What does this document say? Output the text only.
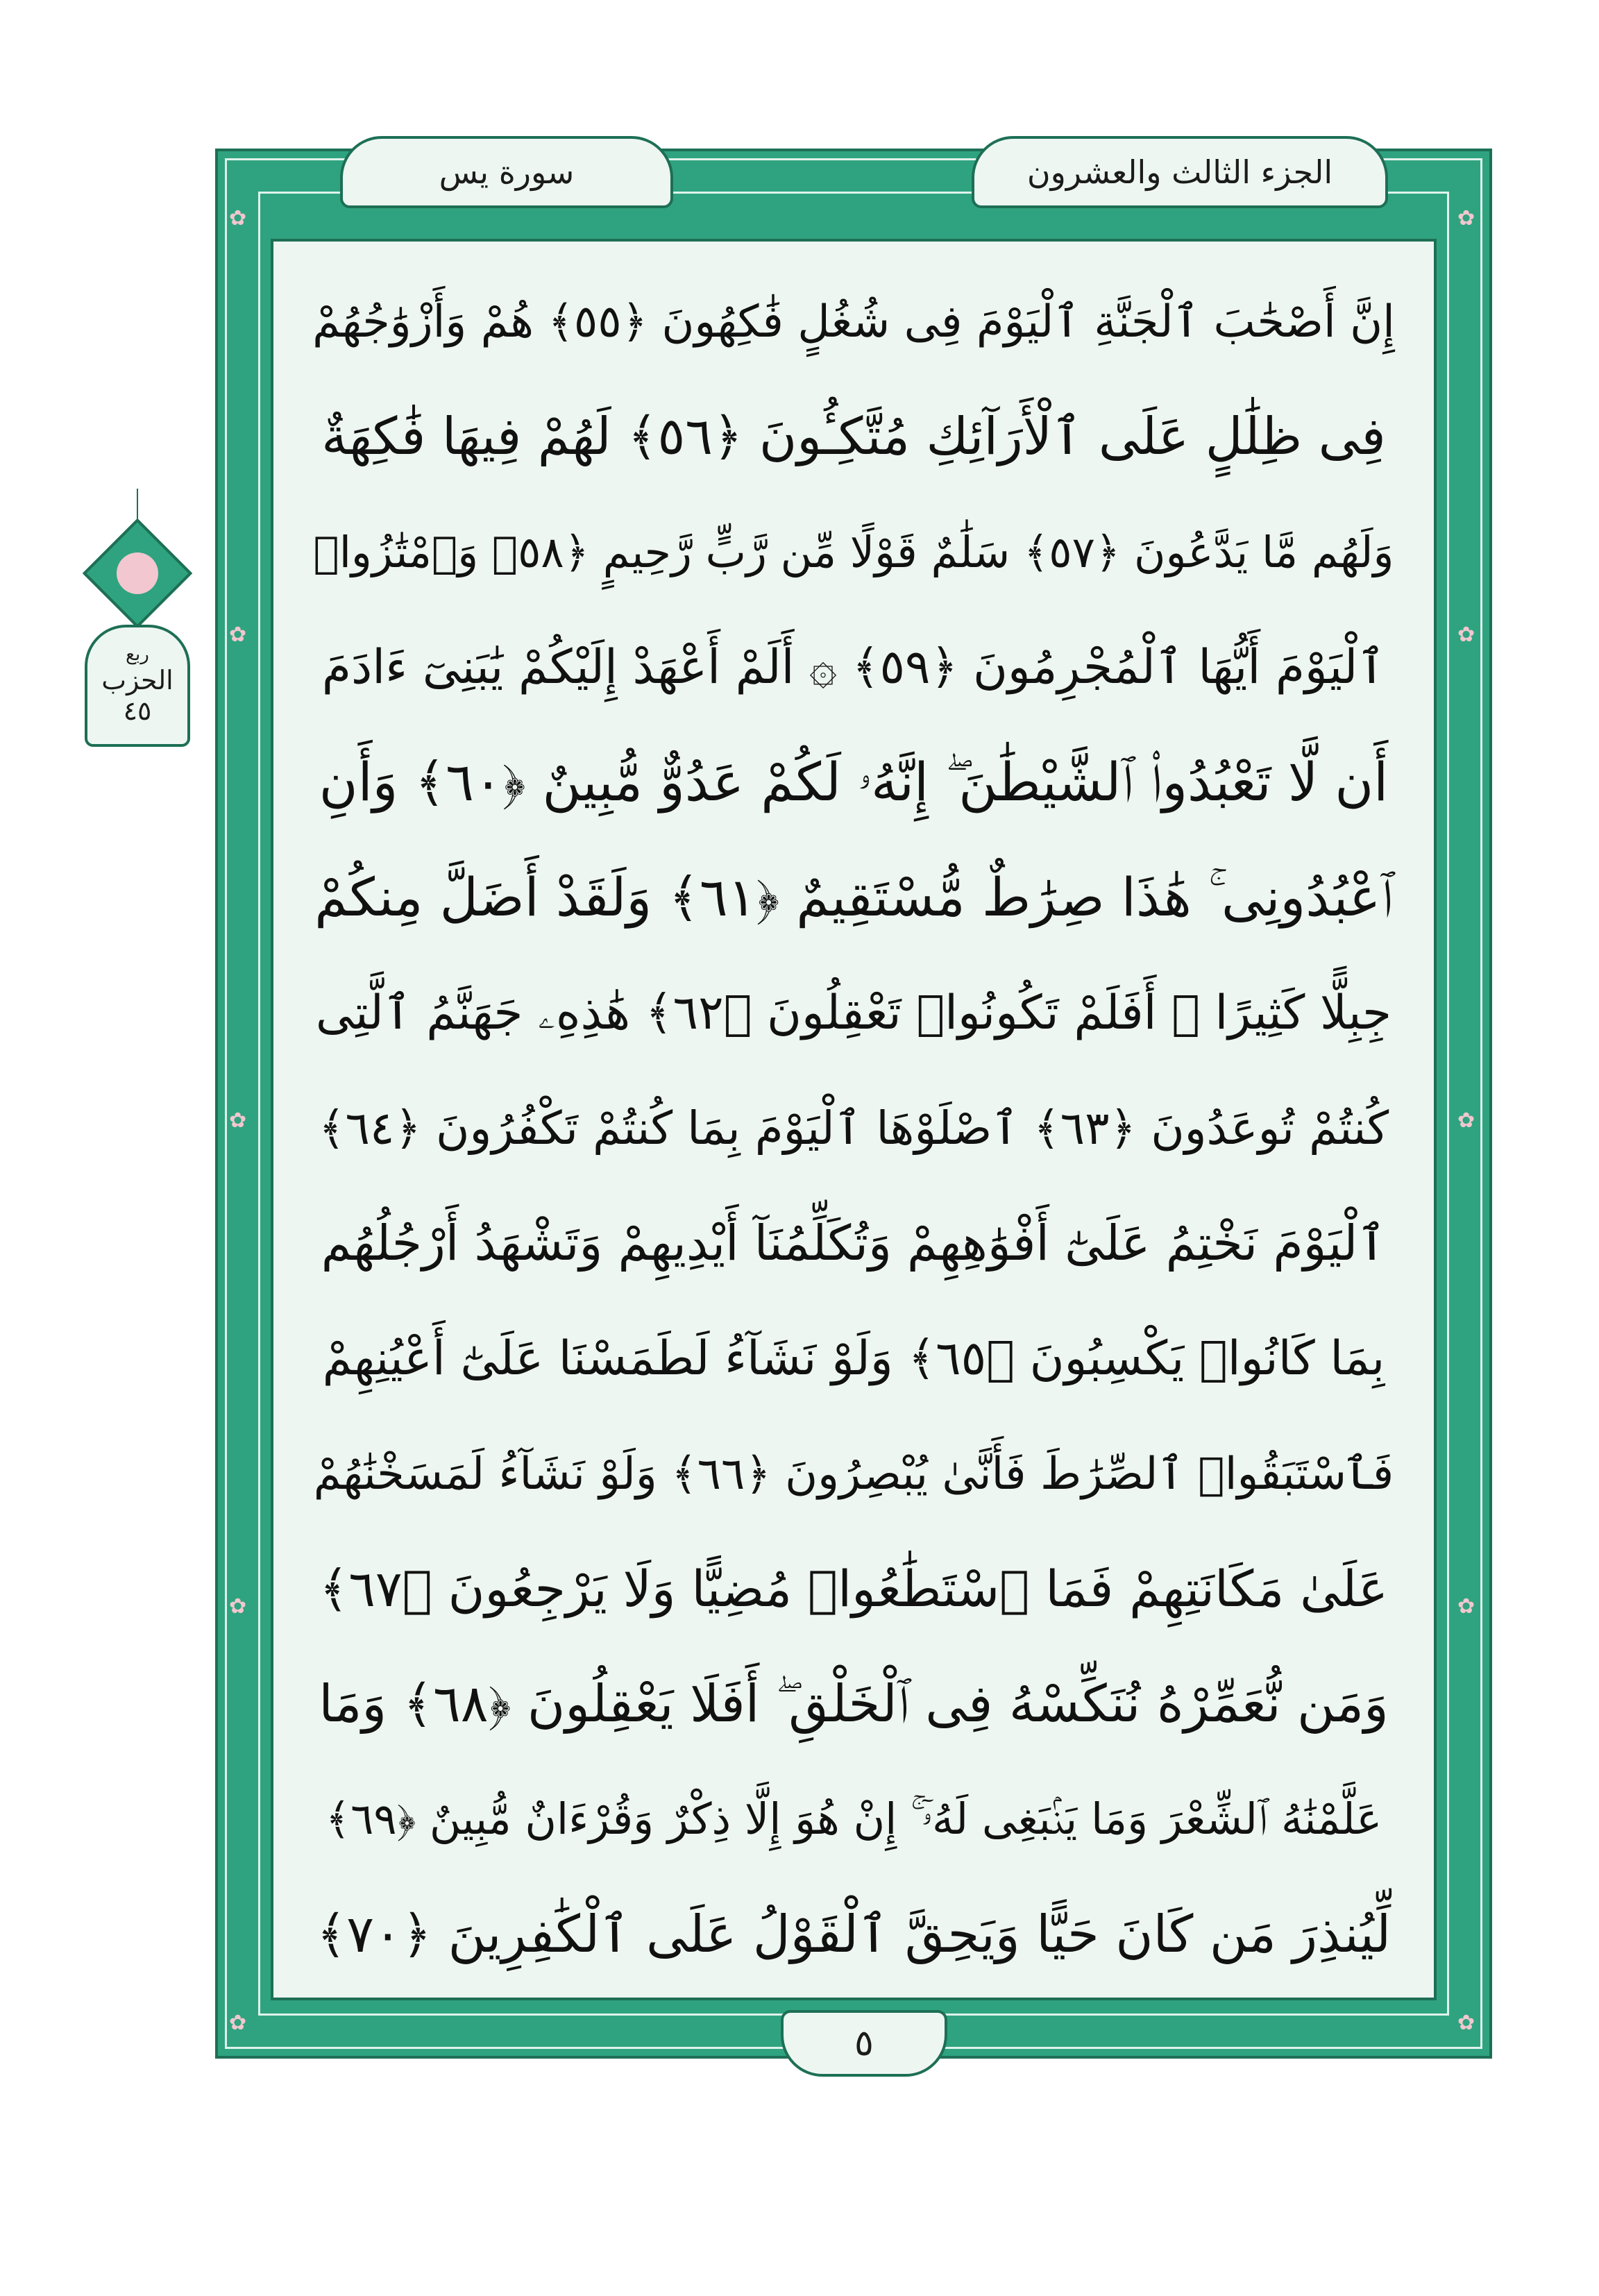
✿	✿
✿	✿
✿	✿
✿	✿
✿	✿
الجزء الثالث والعشرون
سورة يس
ربع
الحزب
٤٥
إِنَّ أَصْحَٰبَ ٱلْجَنَّةِ ٱلْيَوْمَ فِى شُغُلٍ فَٰكِهُونَ ﴿٥٥﴾ هُمْ وَأَزْوَٰجُهُمْ
فِى ظِلَٰلٍ عَلَى ٱلْأَرَآئِكِ مُتَّكِـُٔونَ ﴿٥٦﴾ لَهُمْ فِيهَا فَٰكِهَةٌ
وَلَهُم مَّا يَدَّعُونَ ﴿٥٧﴾ سَلَٰمٌ قَوْلًا مِّن رَّبٍّ رَّحِيمٍ ﴿٥٨﴾ وَٱمْتَٰزُوا۟
ٱلْيَوْمَ أَيُّهَا ٱلْمُجْرِمُونَ ﴿٥٩﴾ ۞ أَلَمْ أَعْهَدْ إِلَيْكُمْ يَٰبَنِىٓ ءَادَمَ
أَن لَّا تَعْبُدُوا۟ ٱلشَّيْطَٰنَ ۖ إِنَّهُۥ لَكُمْ عَدُوٌّ مُّبِينٌ ﴿٦٠﴾ وَأَنِ
ٱعْبُدُونِى ۚ هَٰذَا صِرَٰطٌ مُّسْتَقِيمٌ ﴿٦١﴾ وَلَقَدْ أَضَلَّ مِنكُمْ
جِبِلًّا كَثِيرًا ۖ أَفَلَمْ تَكُونُوا۟ تَعْقِلُونَ ﴿٦٢﴾ هَٰذِهِۦ جَهَنَّمُ ٱلَّتِى
كُنتُمْ تُوعَدُونَ ﴿٦٣﴾ ٱصْلَوْهَا ٱلْيَوْمَ بِمَا كُنتُمْ تَكْفُرُونَ ﴿٦٤﴾
ٱلْيَوْمَ نَخْتِمُ عَلَىٰٓ أَفْوَٰهِهِمْ وَتُكَلِّمُنَآ أَيْدِيهِمْ وَتَشْهَدُ أَرْجُلُهُم
بِمَا كَانُوا۟ يَكْسِبُونَ ﴿٦٥﴾ وَلَوْ نَشَآءُ لَطَمَسْنَا عَلَىٰٓ أَعْيُنِهِمْ
فَٱسْتَبَقُوا۟ ٱلصِّرَٰطَ فَأَنَّىٰ يُبْصِرُونَ ﴿٦٦﴾ وَلَوْ نَشَآءُ لَمَسَخْنَٰهُمْ
عَلَىٰ مَكَانَتِهِمْ فَمَا ٱسْتَطَٰعُوا۟ مُضِيًّا وَلَا يَرْجِعُونَ ﴿٦٧﴾
وَمَن نُّعَمِّرْهُ نُنَكِّسْهُ فِى ٱلْخَلْقِ ۖ أَفَلَا يَعْقِلُونَ ﴿٦٨﴾ وَمَا
عَلَّمْنَٰهُ ٱلشِّعْرَ وَمَا يَنۢبَغِى لَهُۥٓ ۚ إِنْ هُوَ إِلَّا ذِكْرٌ وَقُرْءَانٌ مُّبِينٌ ﴿٦٩﴾
لِّيُنذِرَ مَن كَانَ حَيًّا وَيَحِقَّ ٱلْقَوْلُ عَلَى ٱلْكَٰفِرِينَ ﴿٧٠﴾
٥
